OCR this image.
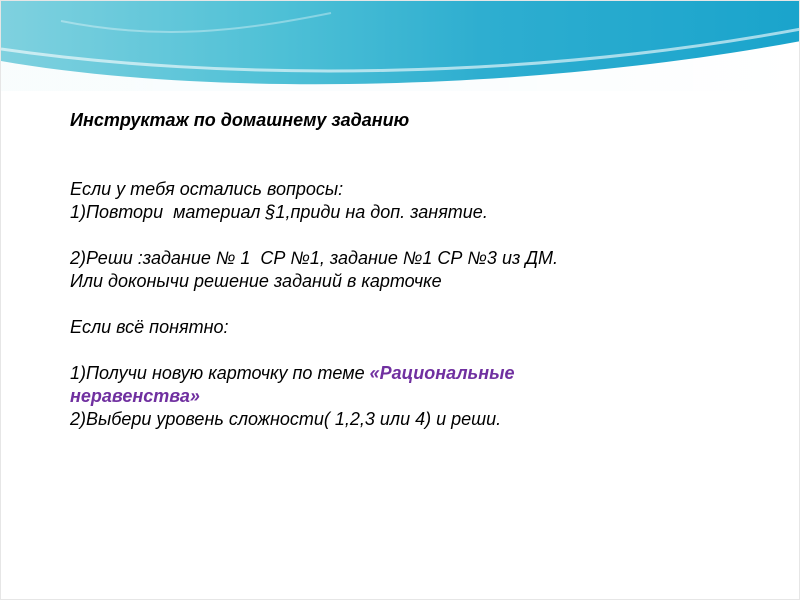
Инструктаж по домашнему заданию
Если у тебя остались вопросы:
1)Повтори  материал §1,приди на доп. занятие.
2)Реши :задание № 1  СР №1, задание №1 СР №3 из ДМ.
Или доконычи решение заданий в карточке
Если всё понятно:
1)Получи новую карточку по теме «Рациональные
неравенства»
2)Выбери уровень сложности( 1,2,3 или 4) и реши.
